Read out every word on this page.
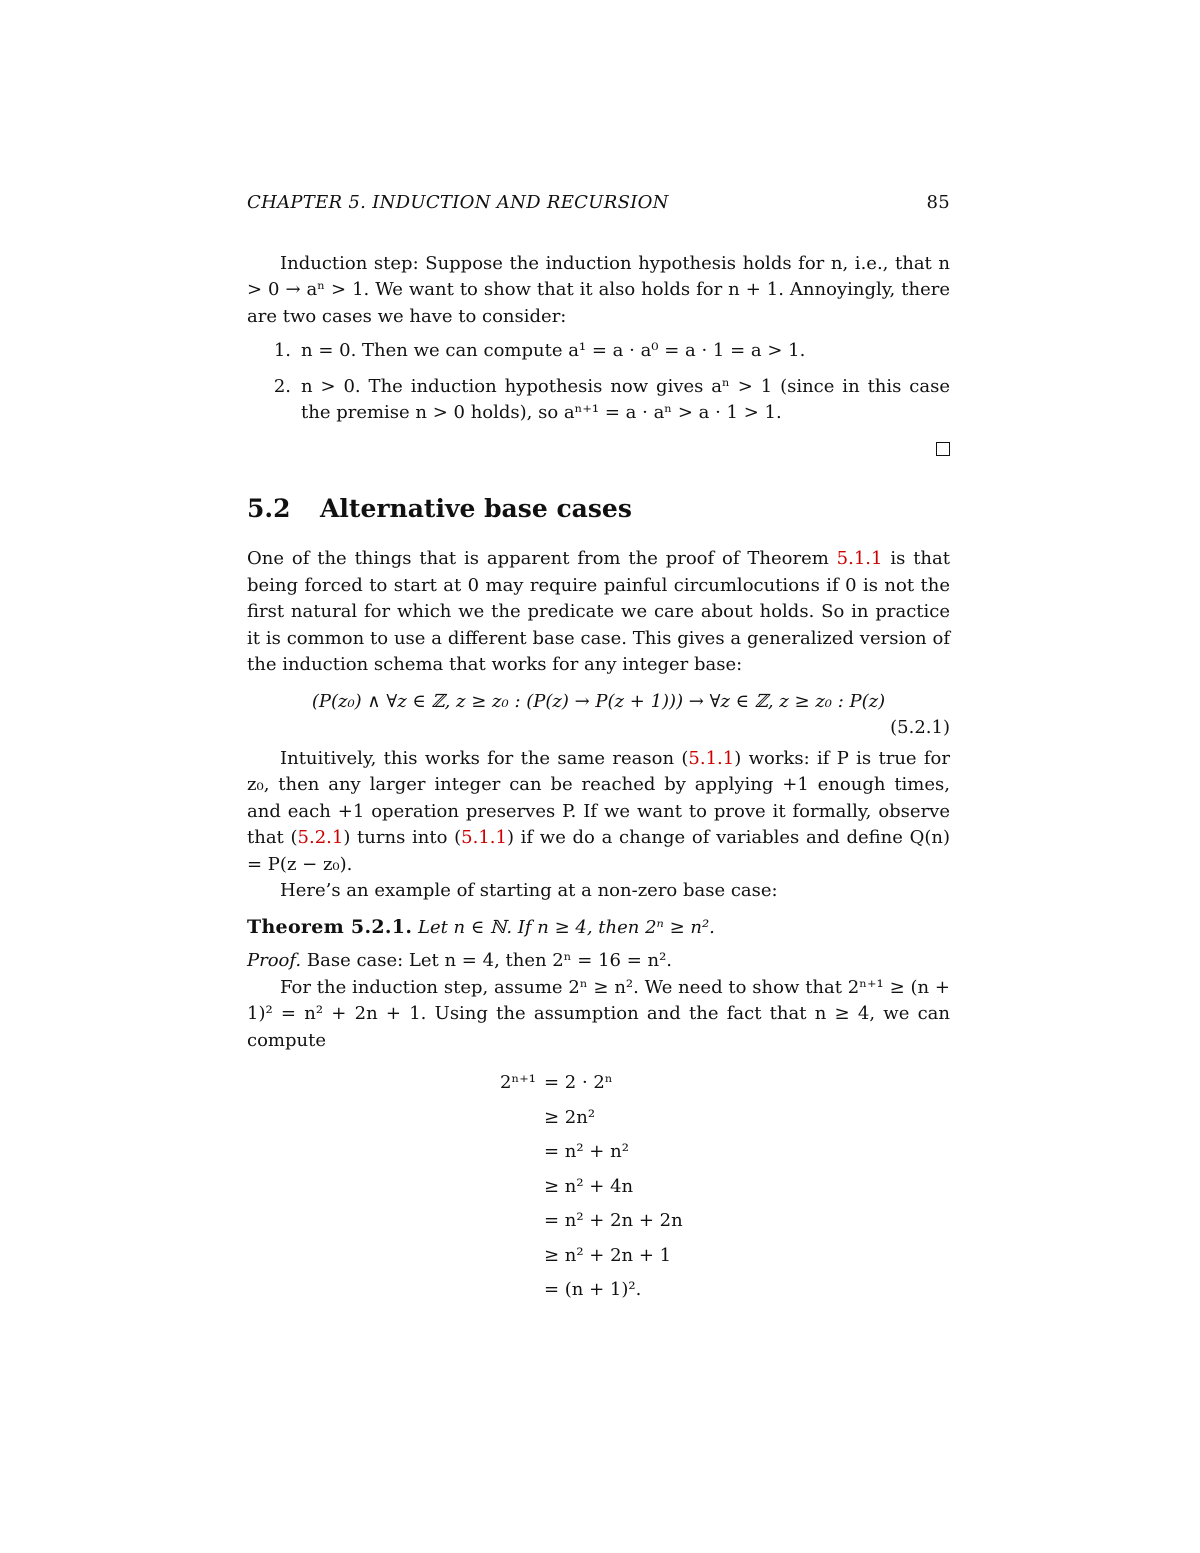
CHAPTER 5. INDUCTION AND RECURSION	85

Induction step: Suppose the induction hypothesis holds for n, i.e., that n > 0 → aⁿ > 1. We want to show that it also holds for n + 1. Annoyingly, there are two cases we have to consider:

1. n = 0. Then we can compute a¹ = a · a⁰ = a · 1 = a > 1.
2. n > 0. The induction hypothesis now gives aⁿ > 1 (since in this case the premise n > 0 holds), so aⁿ⁺¹ = a · aⁿ > a · 1 > 1.
5.2	Alternative base cases

One of the things that is apparent from the proof of Theorem 5.1.1 is that being forced to start at 0 may require painful circumlocutions if 0 is not the first natural for which we the predicate we care about holds. So in practice it is common to use a different base case. This gives a generalized version of the induction schema that works for any integer base:

(P(z₀) ∧ ∀z ∈ ℤ, z ≥ z₀ : (P(z) → P(z + 1))) → ∀z ∈ ℤ, z ≥ z₀ : P(z)
(5.2.1)

Intuitively, this works for the same reason (5.1.1) works: if P is true for z₀, then any larger integer can be reached by applying +1 enough times, and each +1 operation preserves P. If we want to prove it formally, observe that (5.2.1) turns into (5.1.1) if we do a change of variables and define Q(n) = P(z − z₀).

Here’s an example of starting at a non-zero base case:

Theorem 5.2.1. Let n ∈ ℕ. If n ≥ 4, then 2ⁿ ≥ n².

Proof. Base case: Let n = 4, then 2ⁿ = 16 = n².

For the induction step, assume 2ⁿ ≥ n². We need to show that 2ⁿ⁺¹ ≥ (n + 1)² = n² + 2n + 1. Using the assumption and the fact that n ≥ 4, we can compute

2ⁿ⁺¹	= 2 · 2ⁿ
	≥ 2n²
	= n² + n²
	≥ n² + 4n
	= n² + 2n + 2n
	≥ n² + 2n + 1
	= (n + 1)².
